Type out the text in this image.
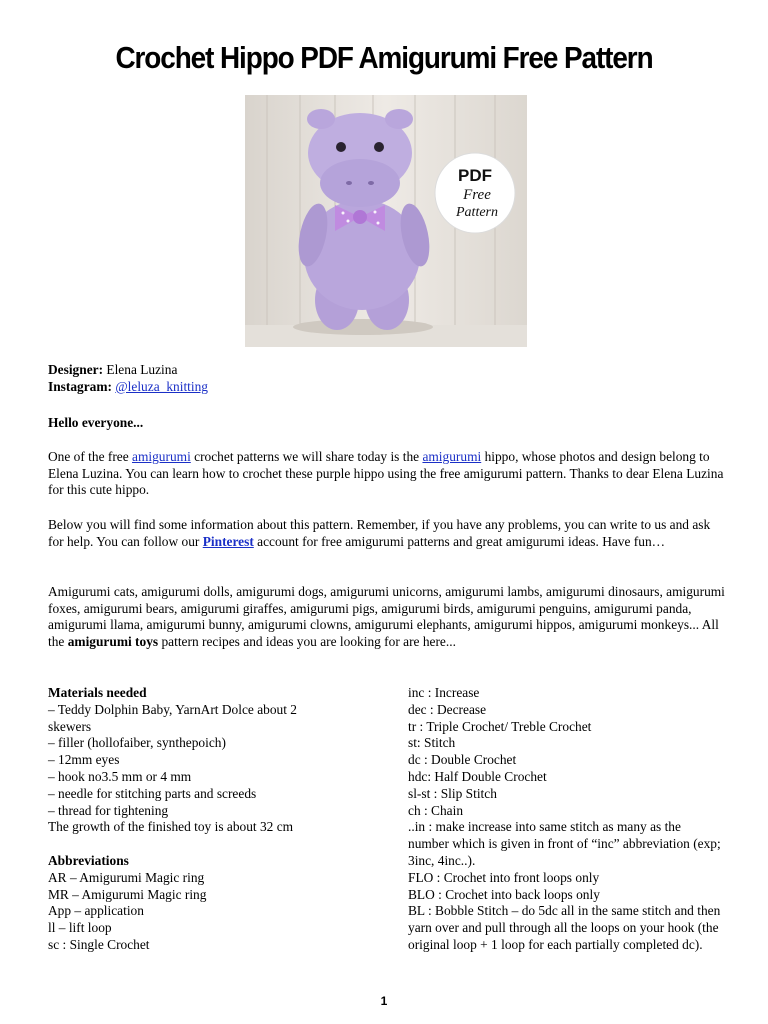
Crochet Hippo PDF Amigurumi Free Pattern
PDF
Free
Pattern

Designer: Elena Luzina

Instagram: @leluza_knitting

Hello everyone...

One of the free amigurumi crochet patterns we will share today is the amigurumi hippo, whose photos and design belong to Elena Luzina. You can learn how to crochet these purple hippo using the free amigurumi pattern. Thanks to dear Elena Luzina for this cute hippo.

Below you will find some information about this pattern. Remember, if you have any problems, you can write to us and ask for help. You can follow our Pinterest account for free amigurumi patterns and great amigurumi ideas. Have fun…

Amigurumi cats, amigurumi dolls, amigurumi dogs, amigurumi unicorns, amigurumi lambs, amigurumi dinosaurs, amigurumi foxes, amigurumi bears, amigurumi giraffes, amigurumi pigs, amigurumi birds, amigurumi penguins, amigurumi panda, amigurumi llama, amigurumi bunny, amigurumi clowns, amigurumi elephants, amigurumi hippos, amigurumi monkeys... All the amigurumi toys pattern recipes and ideas you are looking for are here...

Materials needed
– Teddy Dolphin Baby, YarnArt Dolce about 2
skewers
– filler (hollofaiber, synthepoich)
– 12mm eyes
– hook no3.5 mm or 4 mm
– needle for stitching parts and screeds
– thread for tightening
The growth of the finished toy is about 32 cm
Abbreviations
AR – Amigurumi Magic ring
MR – Amigurumi Magic ring
App – application
ll – lift loop
sc : Single Crochet
inc : Increase
dec : Decrease
tr : Triple Crochet/ Treble Crochet
st: Stitch
dc : Double Crochet
hdc: Half Double Crochet
sl-st : Slip Stitch
ch : Chain
..in : make increase into same stitch as many as the number which is given in front of “inc” abbreviation (exp; 3inc, 4inc..).
FLO : Crochet into front loops only
BLO : Crochet into back loops only
BL : Bobble Stitch – do 5dc all in the same stitch and then yarn over and pull through all the loops on your hook (the original loop + 1 loop for each partially completed dc).
1
